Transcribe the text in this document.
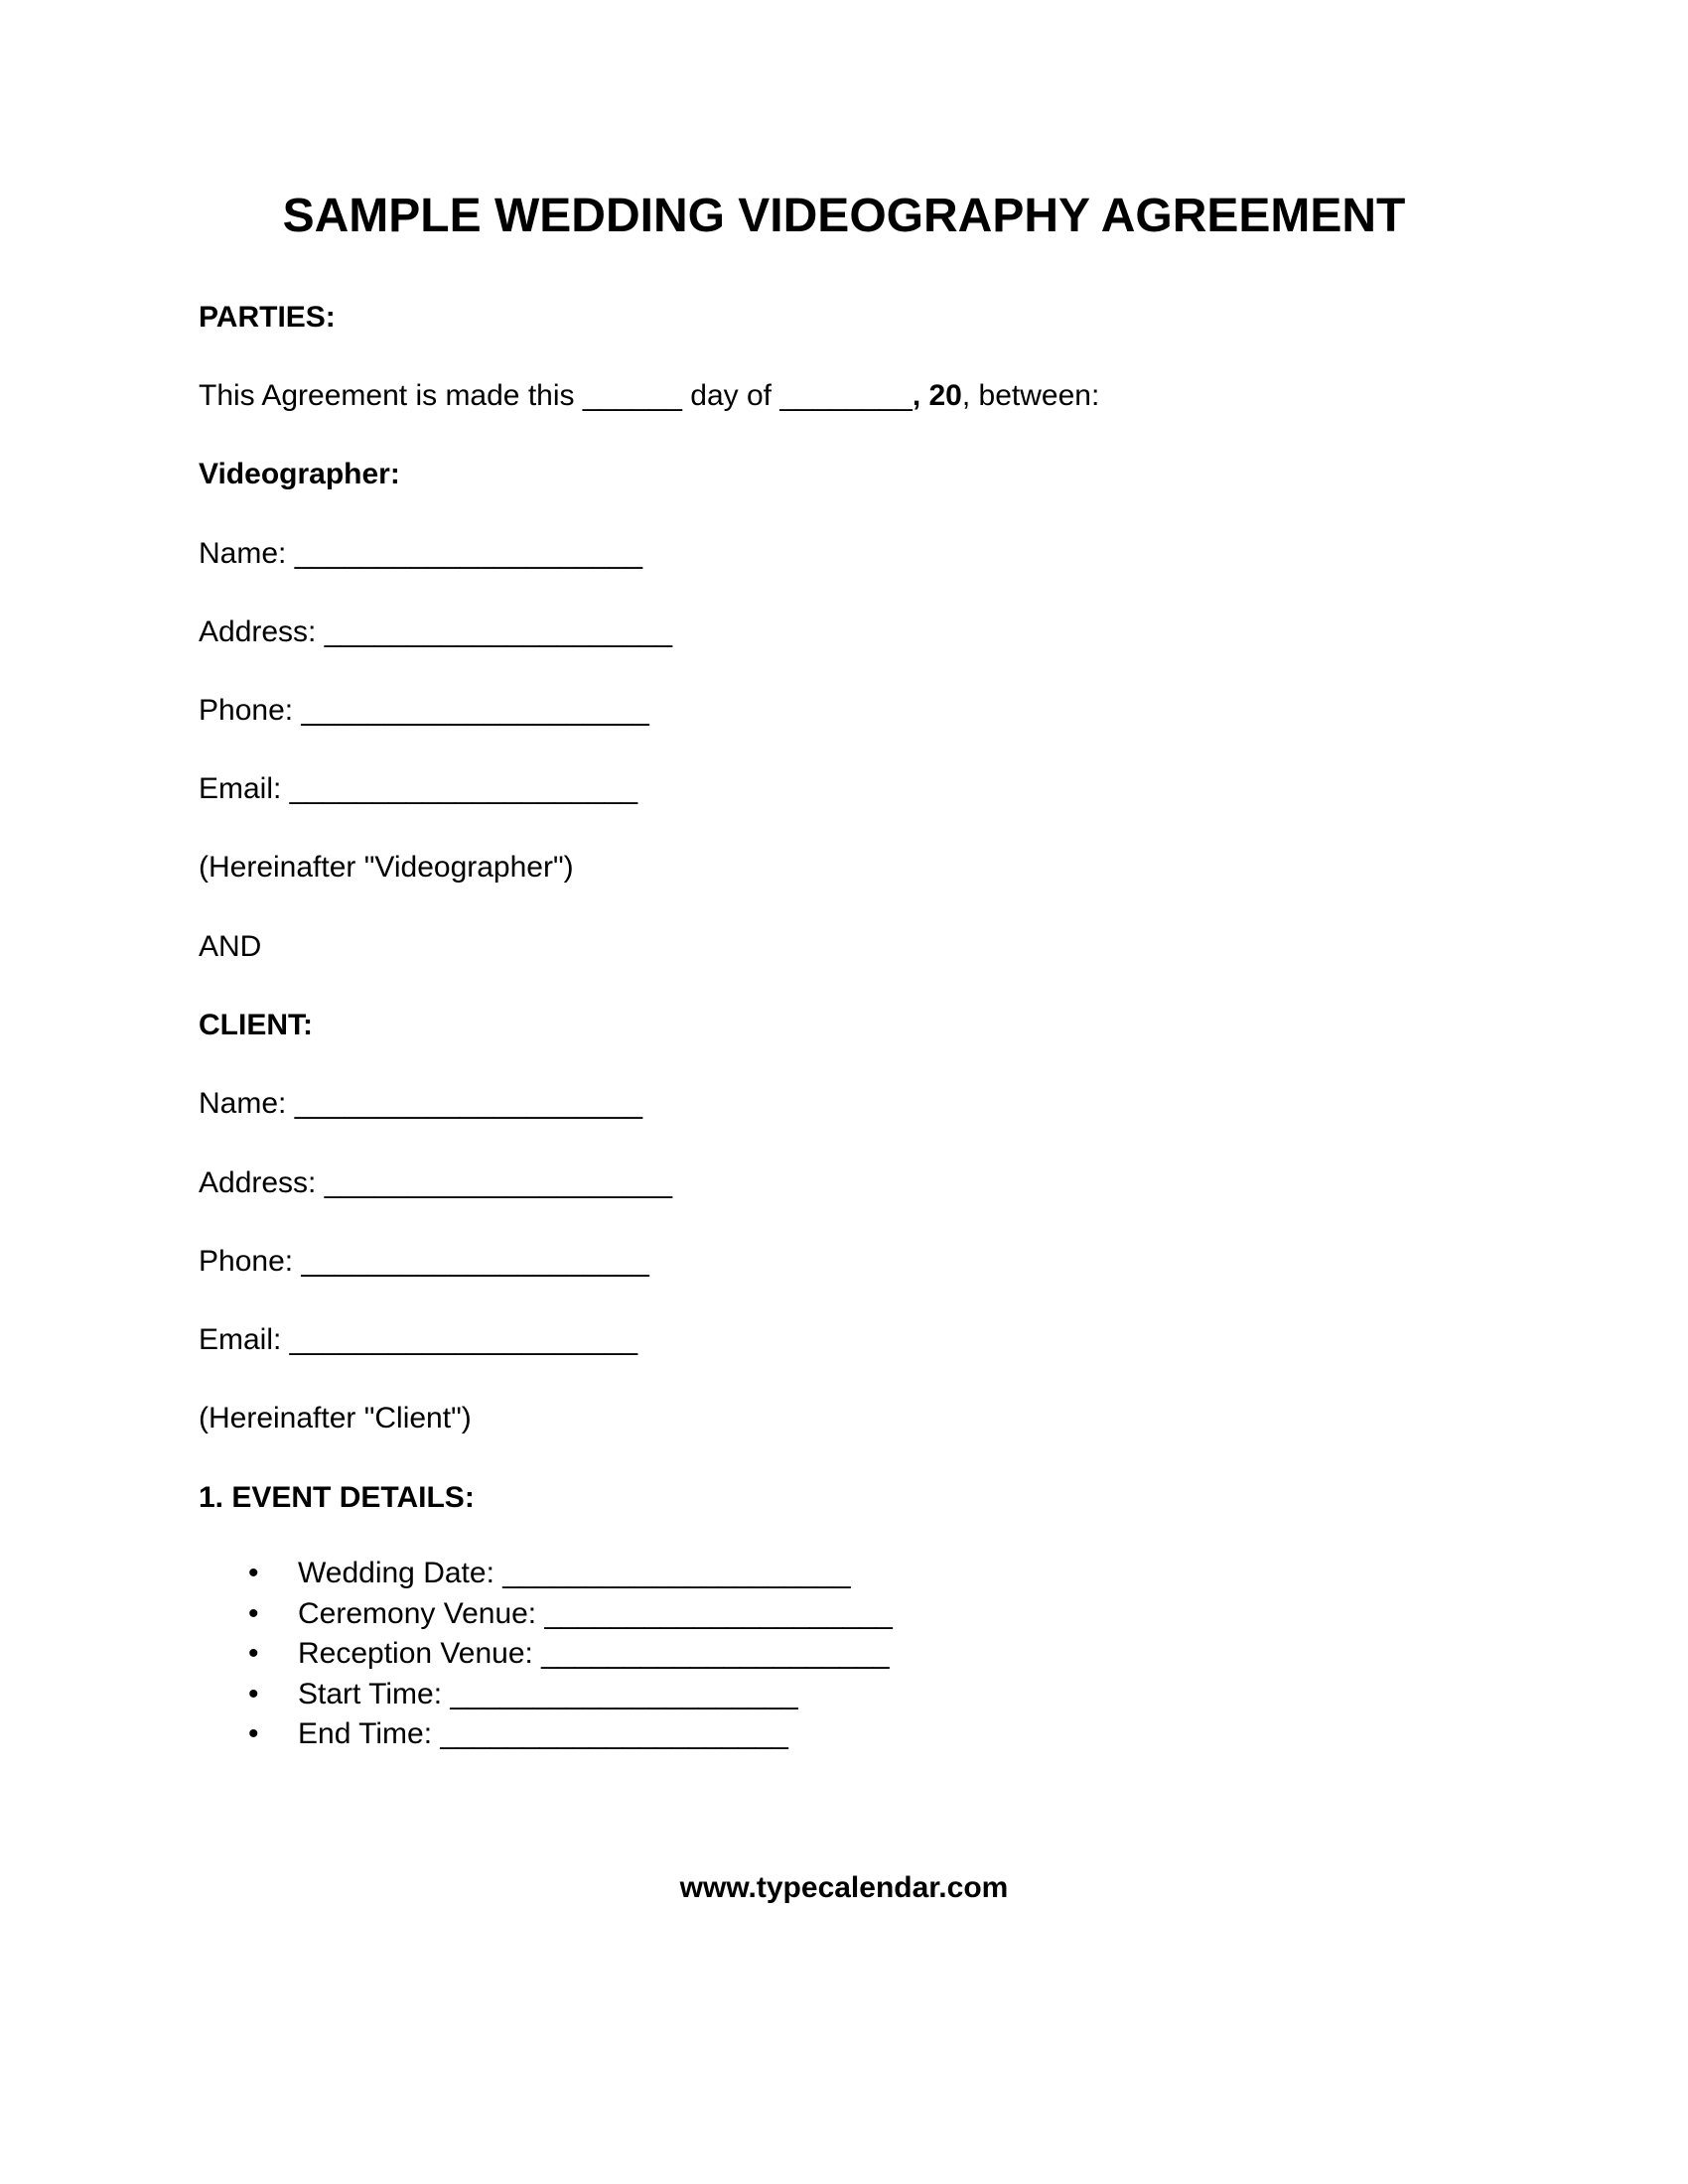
SAMPLE WEDDING VIDEOGRAPHY AGREEMENT
PARTIES:
This Agreement is made this ______ day of ________, 20, between:
Videographer:
Name: _____________________
Address: _____________________
Phone: _____________________
Email: _____________________
(Hereinafter "Videographer")
AND
CLIENT:
Name: _____________________
Address: _____________________
Phone: _____________________
Email: _____________________
(Hereinafter "Client")
1. EVENT DETAILS:
• Wedding Date: _____________________
• Ceremony Venue: _____________________
• Reception Venue: _____________________
• Start Time: _____________________
• End Time: _____________________
www.typecalendar.com
